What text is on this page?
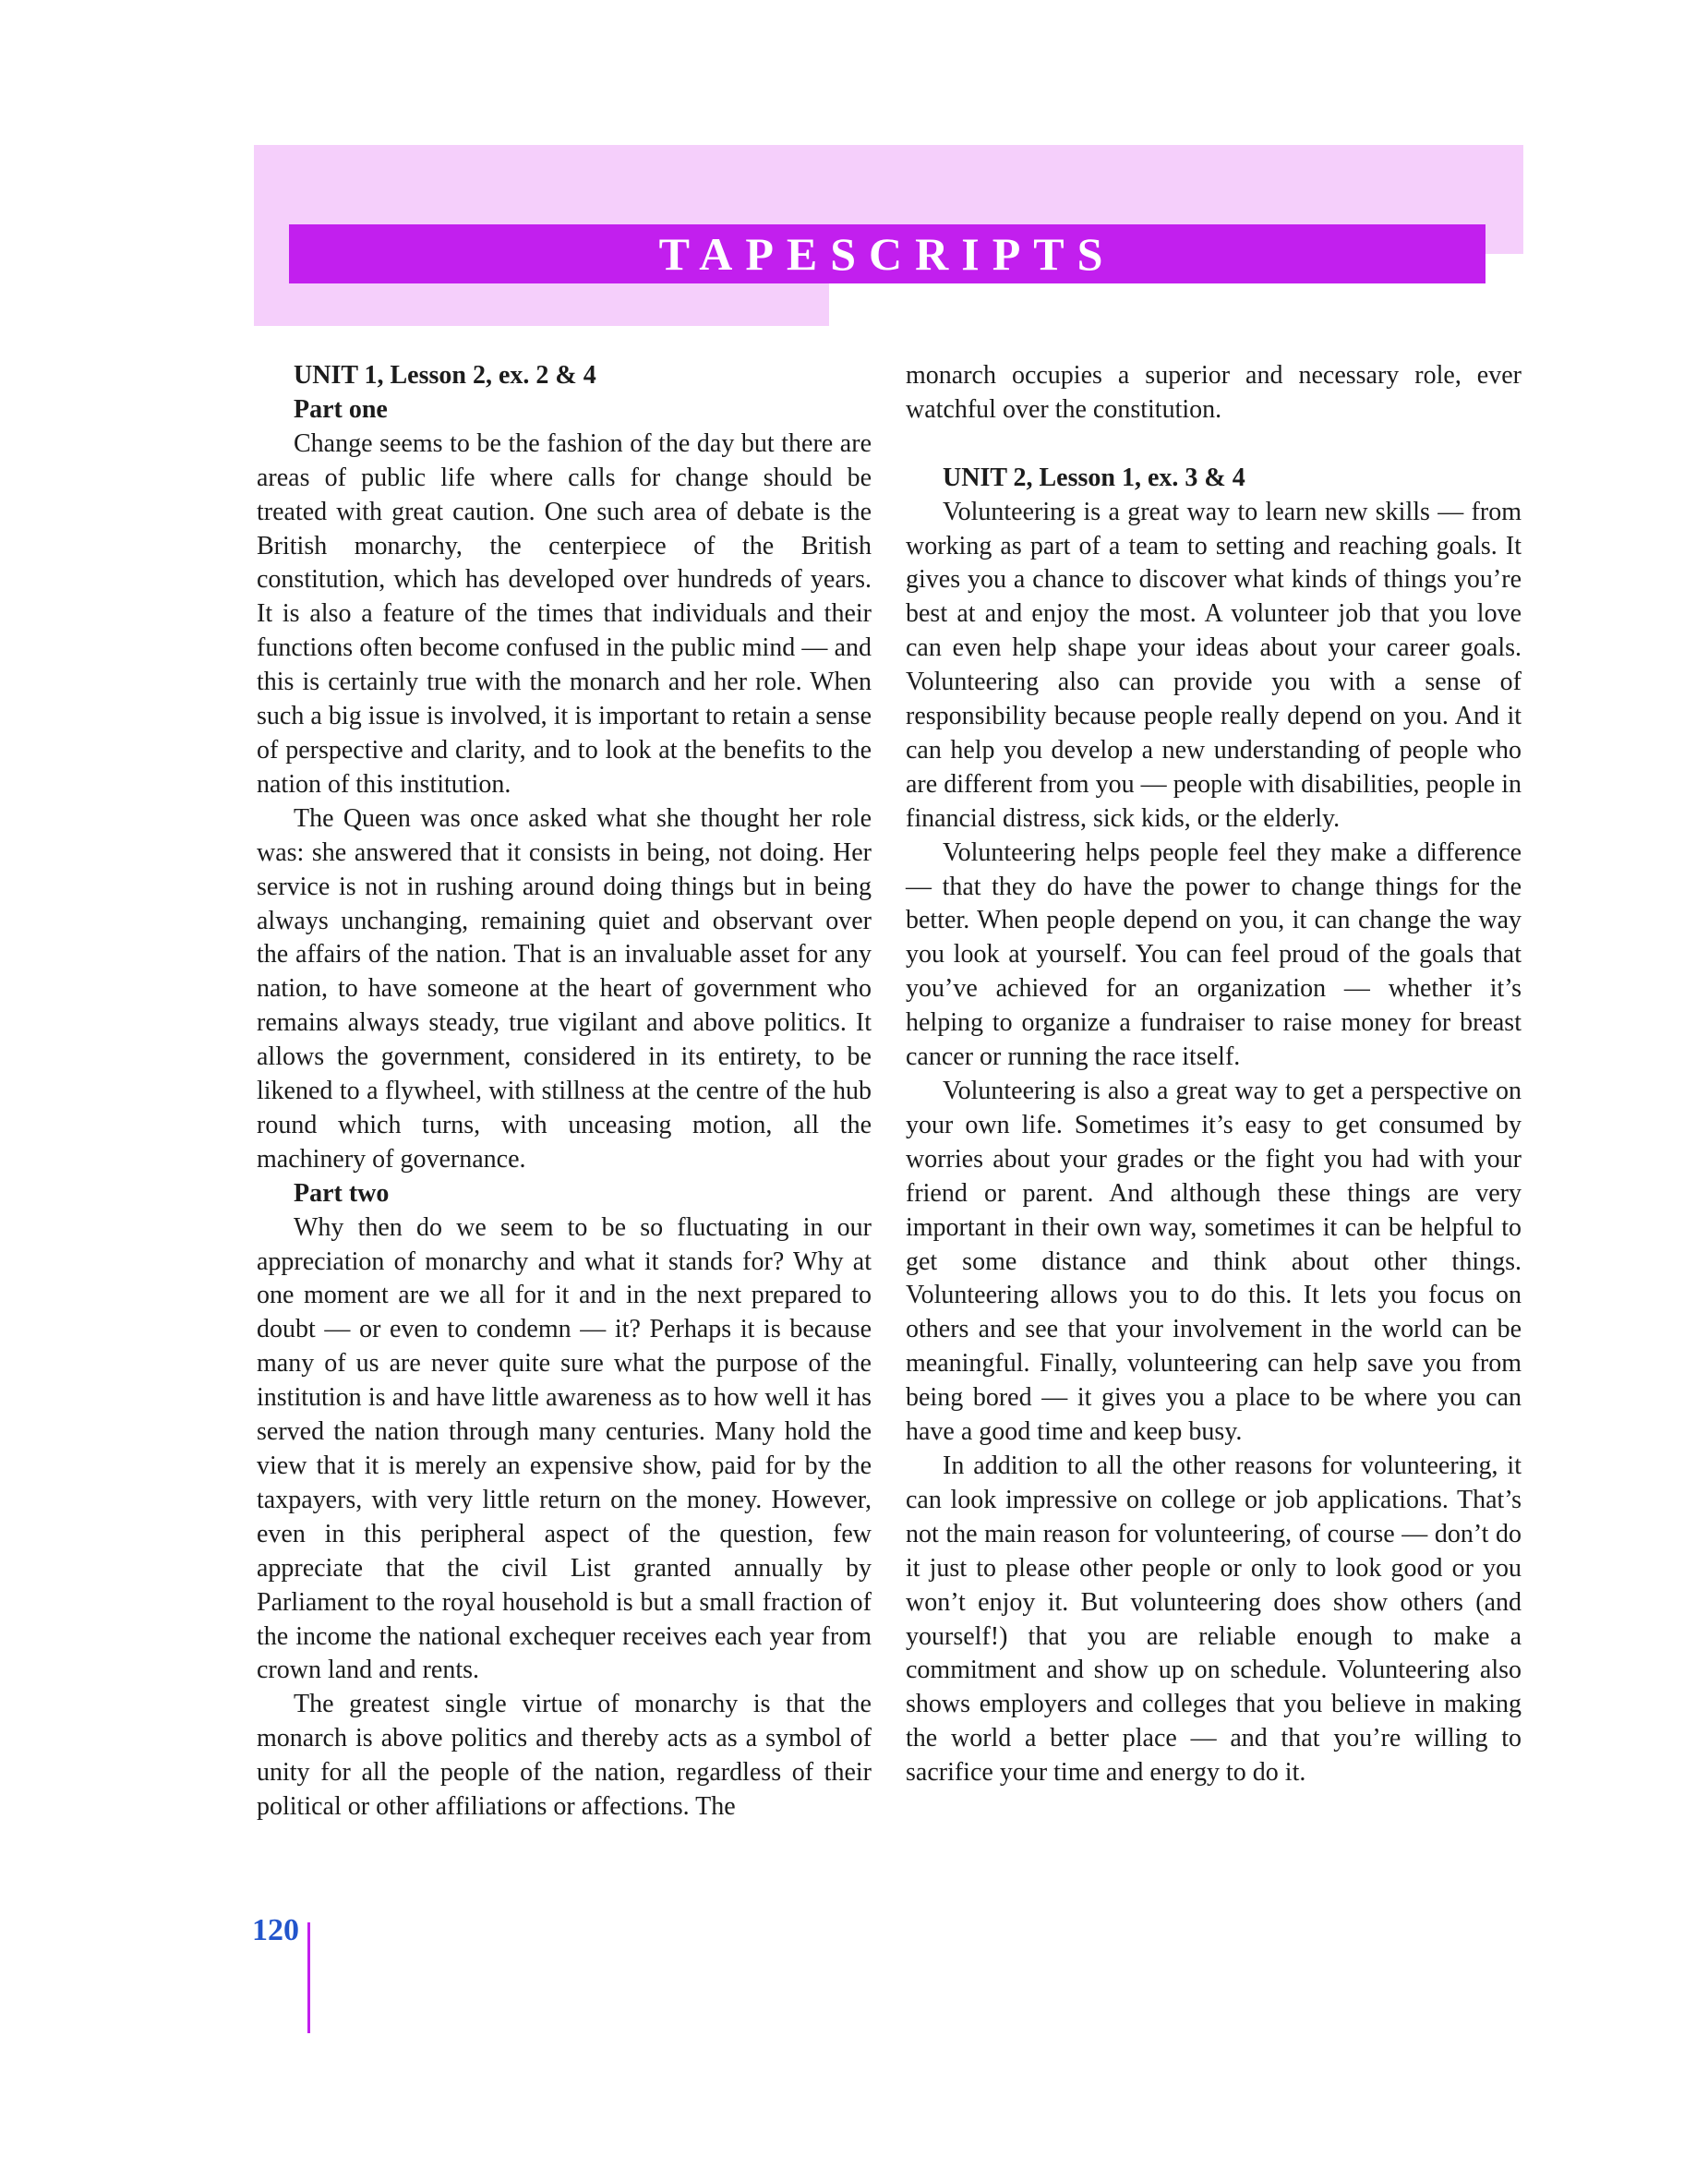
TAPESCRIPTS
UNIT 1, Lesson 2, ex. 2 & 4
Part one

Change seems to be the fashion of the day but there are areas of public life where calls for change should be treated with great caution. One such area of debate is the British monarchy, the centerpiece of the British constitution, which has developed over hundreds of years. It is also a feature of the times that individuals and their functions often become confused in the public mind — and this is certainly true with the monarch and her role. When such a big issue is involved, it is important to retain a sense of perspective and clarity, and to look at the benefits to the nation of this institution.

The Queen was once asked what she thought her role was: she answered that it consists in being, not doing. Her service is not in rushing around doing things but in being always unchanging, remaining quiet and observant over the affairs of the nation. That is an invaluable asset for any nation, to have someone at the heart of government who remains always steady, true vigilant and above politics. It allows the government, considered in its entirety, to be likened to a flywheel, with stillness at the centre of the hub round which turns, with unceasing motion, all the machinery of governance.

Part two

Why then do we seem to be so fluctuating in our appreciation of monarchy and what it stands for? Why at one moment are we all for it and in the next prepared to doubt — or even to condemn — it? Perhaps it is because many of us are never quite sure what the purpose of the institution is and have little awareness as to how well it has served the nation through many centuries. Many hold the view that it is merely an expensive show, paid for by the taxpayers, with very little return on the money. However, even in this peripheral aspect of the question, few appreciate that the civil List granted annually by Parliament to the royal household is but a small fraction of the income the national exchequer receives each year from crown land and rents.

The greatest single virtue of monarchy is that the monarch is above politics and thereby acts as a symbol of unity for all the people of the nation, regardless of their political or other affiliations or affections. The

monarch occupies a superior and necessary role, ever watchful over the constitution.

UNIT 2, Lesson 1, ex. 3 & 4

Volunteering is a great way to learn new skills — from working as part of a team to setting and reaching goals. It gives you a chance to discover what kinds of things you’re best at and enjoy the most. A volunteer job that you love can even help shape your ideas about your career goals. Volunteering also can provide you with a sense of responsibility because people really depend on you. And it can help you develop a new understanding of people who are different from you — people with disabilities, people in financial distress, sick kids, or the elderly.

Volunteering helps people feel they make a difference — that they do have the power to change things for the better. When people depend on you, it can change the way you look at yourself. You can feel proud of the goals that you’ve achieved for an organization — whether it’s helping to organize a fundraiser to raise money for breast cancer or running the race itself.

Volunteering is also a great way to get a perspective on your own life. Sometimes it’s easy to get consumed by worries about your grades or the fight you had with your friend or parent. And although these things are very important in their own way, sometimes it can be helpful to get some distance and think about other things. Volunteering allows you to do this. It lets you focus on others and see that your involvement in the world can be meaningful. Finally, volunteering can help save you from being bored — it gives you a place to be where you can have a good time and keep busy.

In addition to all the other reasons for volunteering, it can look impressive on college or job applications. That’s not the main reason for volunteering, of course — don’t do it just to please other people or only to look good or you won’t enjoy it. But volunteering does show others (and yourself!) that you are reliable enough to make a commitment and show up on schedule. Volunteering also shows employers and colleges that you believe in making the world a better place — and that you’re willing to sacrifice your time and energy to do it.

120
